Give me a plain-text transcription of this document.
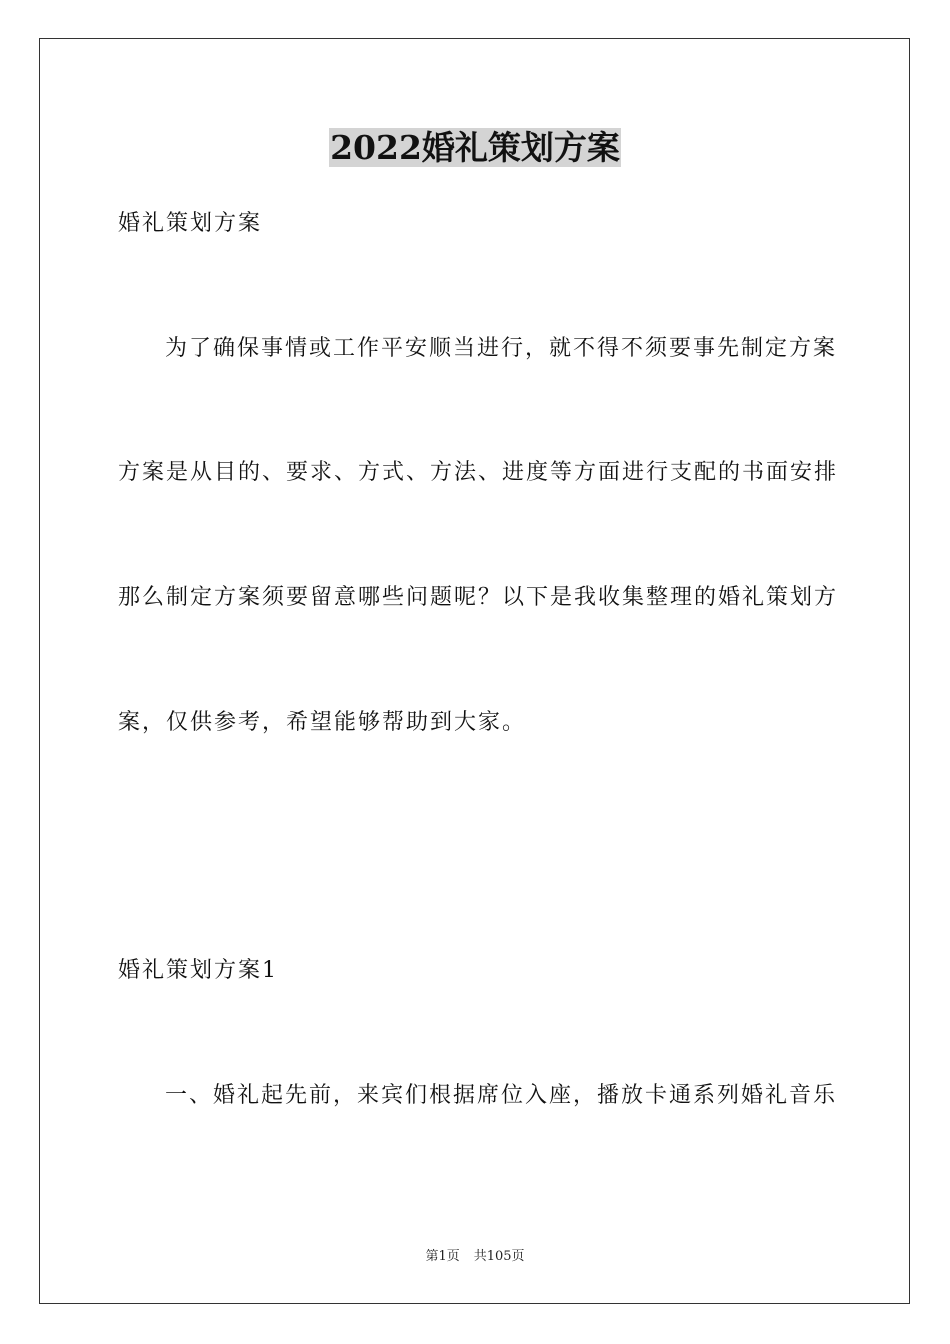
2022婚礼策划方案

婚礼策划方案

为了确保事情或工作平安顺当进行，就不得不须要事先制定方案

方案是从目的、要求、方式、方法、进度等方面进行支配的书面安排

那么制定方案须要留意哪些问题呢？以下是我收集整理的婚礼策划方

案，仅供参考，希望能够帮助到大家。

婚礼策划方案1

一、婚礼起先前，来宾们根据席位入座，播放卡通系列婚礼音乐

第1页 共105页
